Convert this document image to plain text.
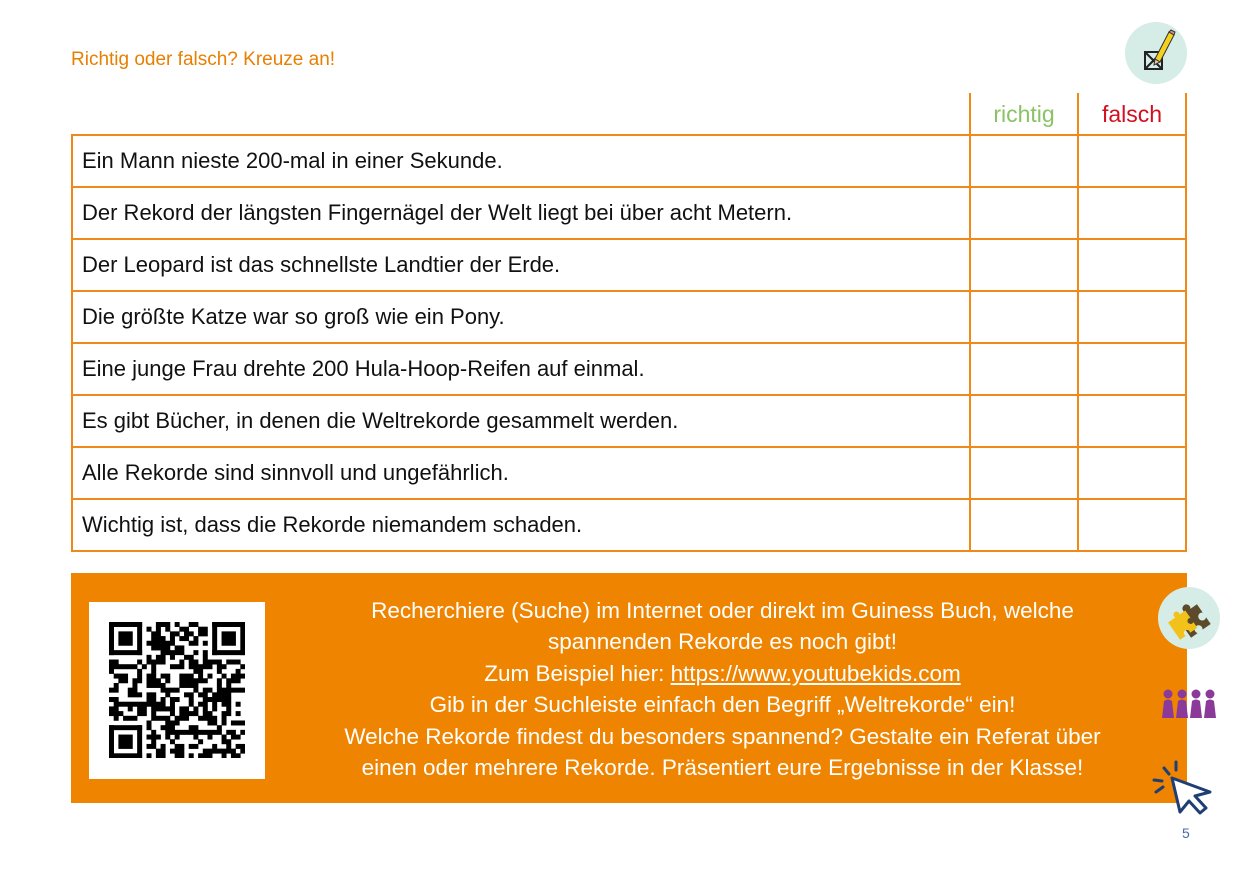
Richtig oder falsch? Kreuze an!
	richtig	falsch
Ein Mann nieste 200-mal in einer Sekunde.		
Der Rekord der längsten Fingernägel der Welt liegt bei über acht Metern.		
Der Leopard ist das schnellste Landtier der Erde.		
Die größte Katze war so groß wie ein Pony.		
Eine junge Frau drehte 200 Hula-Hoop-Reifen auf einmal.		
Es gibt Bücher, in denen die Weltrekorde gesammelt werden.		
Alle Rekorde sind sinnvoll und ungefährlich.		
Wichtig ist, dass die Rekorde niemandem schaden.		
Recherchiere (Suche) im Internet oder direkt im Guiness Buch, welche
spannenden Rekorde es noch gibt!
Zum Beispiel hier: https://www.youtubekids.com
Gib in der Suchleiste einfach den Begriff „Weltrekorde“ ein!
Welche Rekorde findest du besonders spannend? Gestalte ein Referat über
einen oder mehrere Rekorde. Präsentiert eure Ergebnisse in der Klasse!
5
